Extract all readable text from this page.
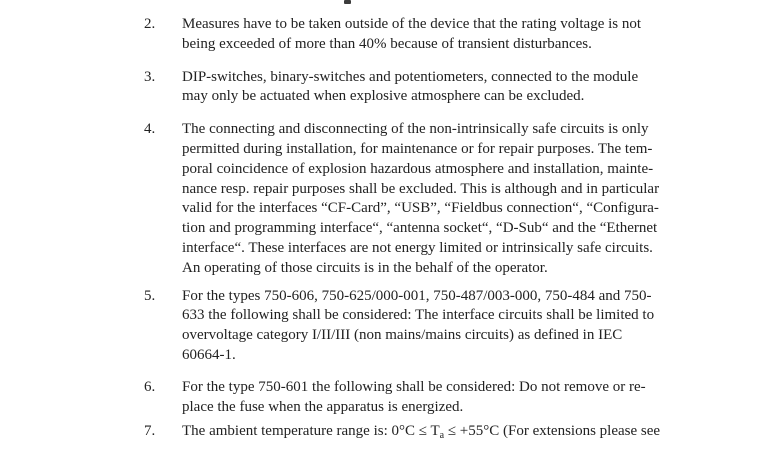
2.	Measures have to be taken outside of the device that the rating voltage is not
being exceeded of more than 40% because of transient disturbances.
3.	DIP-switches, binary-switches and potentiometers, connected to the module
may only be actuated when explosive atmosphere can be excluded.
4.	The connecting and disconnecting of the non-intrinsically safe circuits is only
permitted during installation, for maintenance or for repair purposes. The tem-
poral coincidence of explosion hazardous atmosphere and installation, mainte-
nance resp. repair purposes shall be excluded. This is although and in particular
valid for the interfaces “CF-Card”, “USB”, “Fieldbus connection“, “Configura-
tion and programming interface“, “antenna socket“, “D-Sub“ and the “Ethernet
interface“. These interfaces are not energy limited or intrinsically safe circuits.
An operating of those circuits is in the behalf of the operator.
5.	For the types 750-606, 750-625/000-001, 750-487/003-000, 750-484 and 750-
633 the following shall be considered: The interface circuits shall be limited to
overvoltage category I/II/III (non mains/mains circuits) as defined in IEC
60664-1.
6.	For the type 750-601 the following shall be considered: Do not remove or re-
place the fuse when the apparatus is energized.
7.	The ambient temperature range is: $0^\circ C \le T_a \le +55^\circ C$ (For extensions please see
